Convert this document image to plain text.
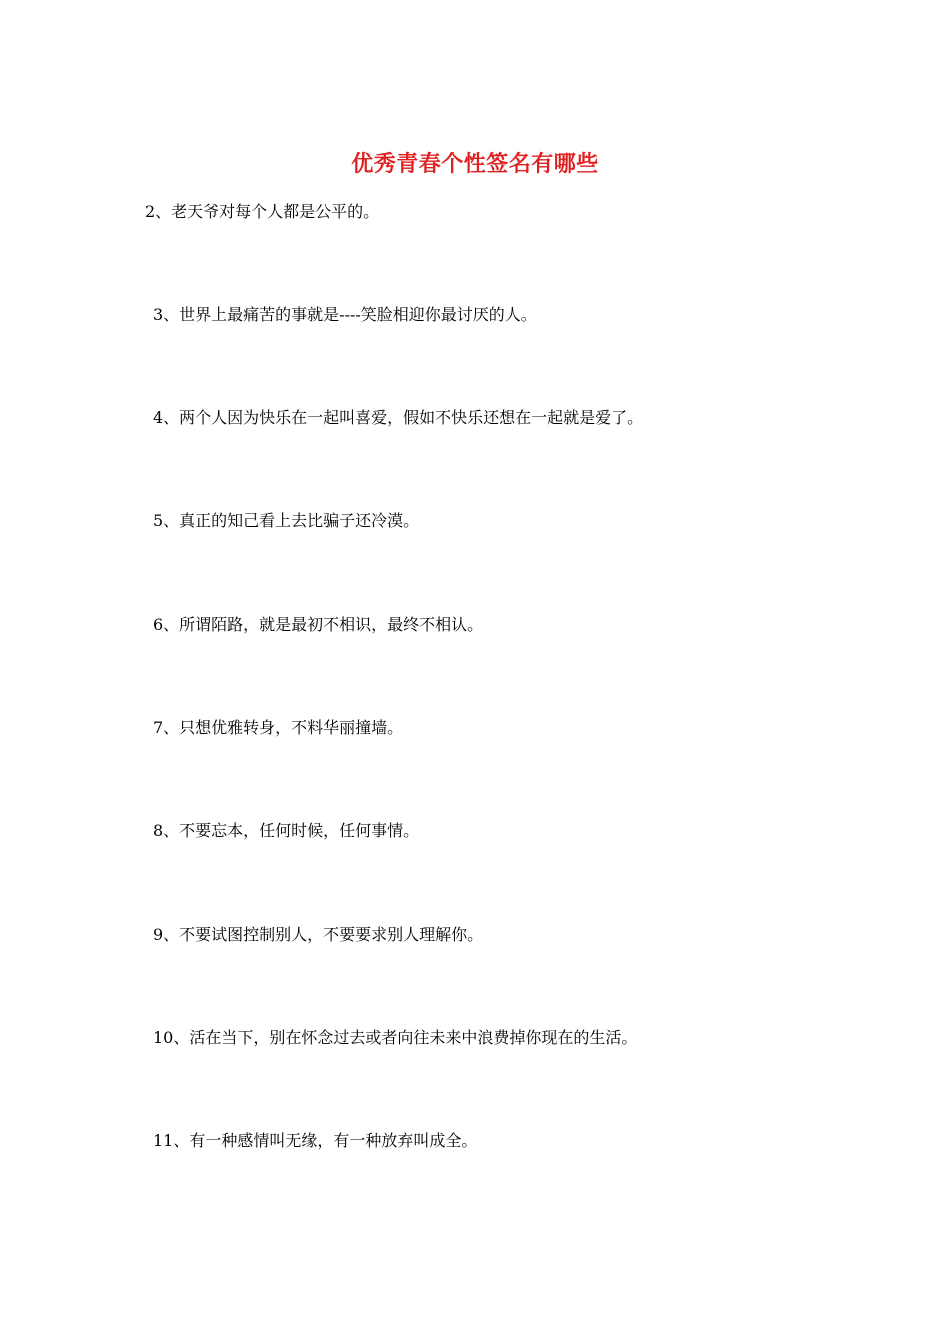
优秀青春个性签名有哪些
2、老天爷对每个人都是公平的。
3、世界上最痛苦的事就是----笑脸相迎你最讨厌的人。
4、两个人因为快乐在一起叫喜爱，假如不快乐还想在一起就是爱了。
5、真正的知己看上去比骗子还冷漠。
6、所谓陌路，就是最初不相识，最终不相认。
7、只想优雅转身，不料华丽撞墙。
8、不要忘本，任何时候，任何事情。
9、不要试图控制别人，不要要求别人理解你。
10、活在当下，别在怀念过去或者向往未来中浪费掉你现在的生活。
11、有一种感情叫无缘，有一种放弃叫成全。
